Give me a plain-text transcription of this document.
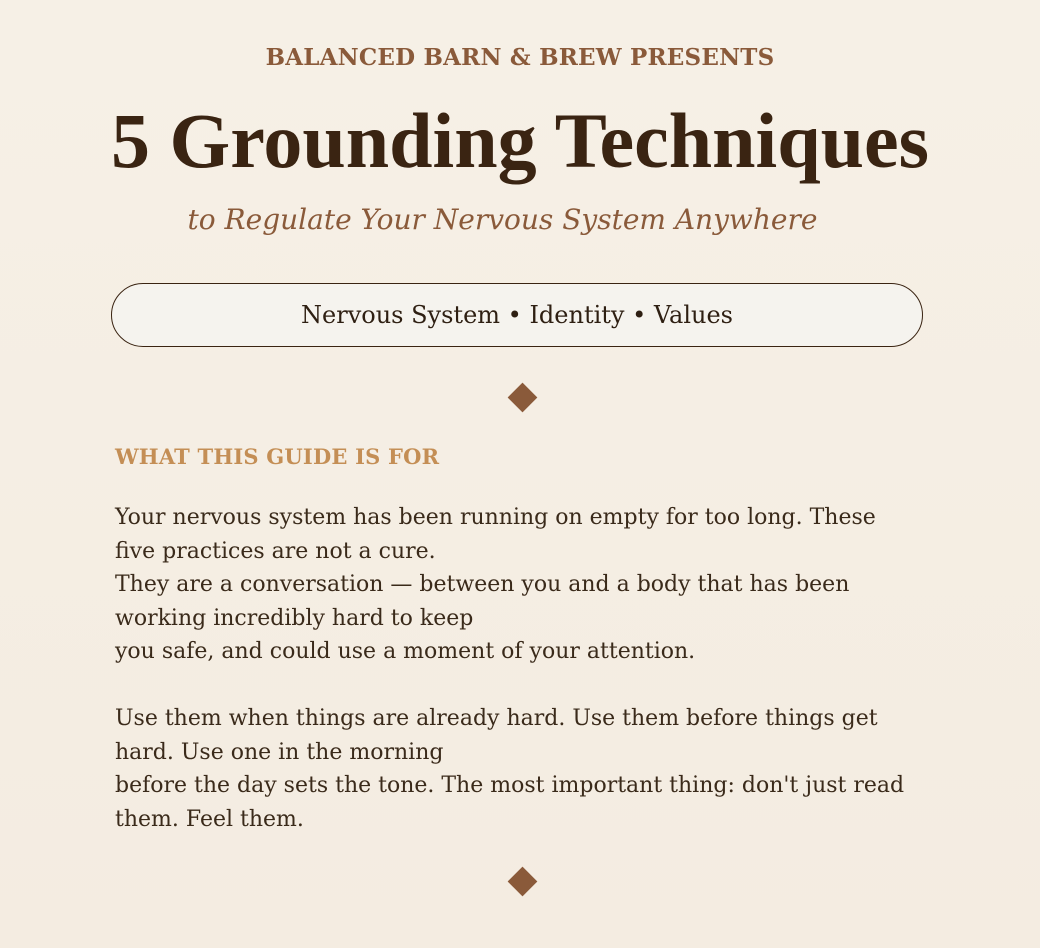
BALANCED BARN & BREW PRESENTS
5 Grounding Techniques
to Regulate Your Nervous System Anywhere
Nervous System • Identity • Values
WHAT THIS GUIDE IS FOR
Your nervous system has been running on empty for too long. These
five practices are not a cure.
They are a conversation — between you and a body that has been
working incredibly hard to keep
you safe, and could use a moment of your attention.
Use them when things are already hard. Use them before things get
hard. Use one in the morning
before the day sets the tone. The most important thing: don't just read
them. Feel them.
